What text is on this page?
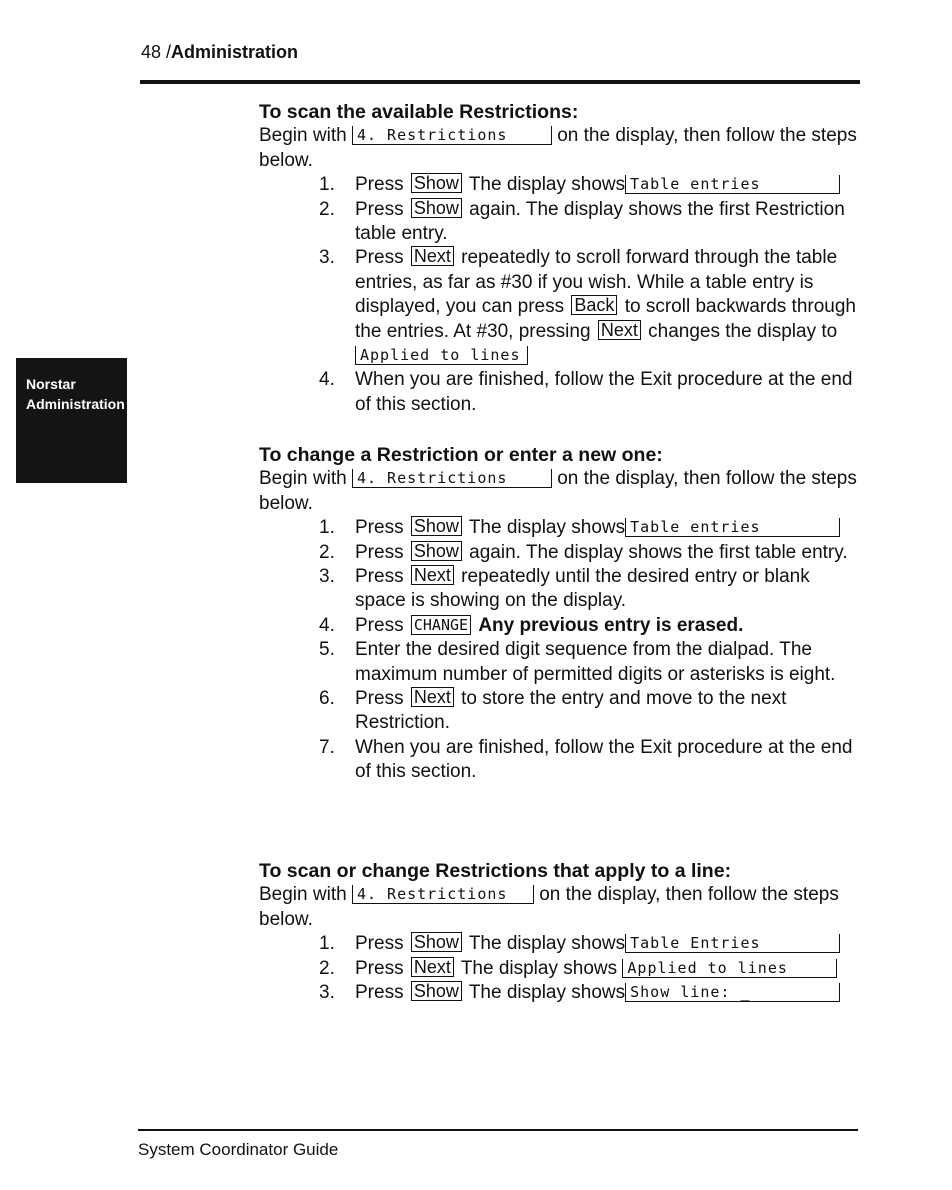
48 /Administration
Norstar
Administration
To scan the available Restrictions:

Begin with 4. Restrictions	on the display, then follow the steps below.

1. Press Show The display shows Table entries
2. Press Show again. The display shows the first Restriction table entry.
3. Press Next repeatedly to scroll forward through the table entries, as far as #30 if you wish. While a table entry is displayed, you can press Back to scroll backwards through the entries. At #30, pressing Next changes the display to Applied to lines
4. When you are finished, follow the Exit procedure at the end of this section.
To change a Restriction or enter a new one:

Begin with 4. Restrictions	on the display, then follow the steps below.

1. Press Show The display shows Table entries
2. Press Show again. The display shows the first table entry.
3. Press Next repeatedly until the desired entry or blank space is showing on the display.
4. Press CHANGE Any previous entry is erased.
5. Enter the desired digit sequence from the dialpad. The maximum number of permitted digits or asterisks is eight.
6. Press Next to store the entry and move to the next Restriction.
7. When you are finished, follow the Exit procedure at the end of this section.
To scan or change Restrictions that apply to a line:

Begin with 4. Restrictions on the display, then follow the steps below.

1. Press Show The display shows Table Entries
2. Press Next The display shows Applied to lines
3. Press Show The display shows Show line: _
System Coordinator Guide
